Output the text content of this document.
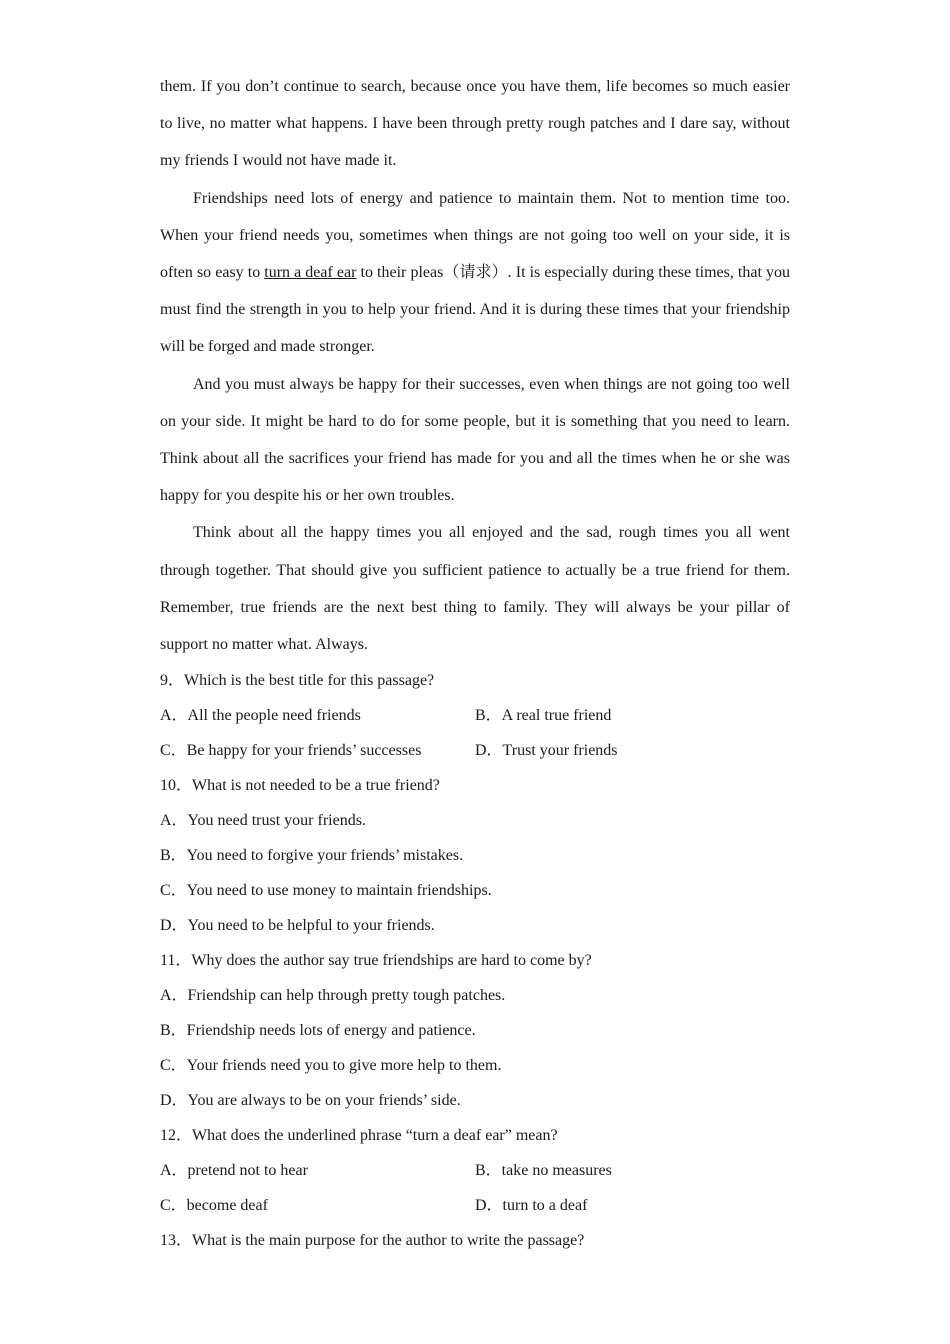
them. If you don’t continue to search, because once you have them, life becomes so much easier to live, no matter what happens. I have been through pretty rough patches and I dare say, without my friends I would not have made it.

Friendships need lots of energy and patience to maintain them. Not to mention time too. When your friend needs you, sometimes when things are not going too well on your side, it is often so easy to turn a deaf ear to their pleas（请求）. It is especially during these times, that you must find the strength in you to help your friend. And it is during these times that your friendship will be forged and made stronger.

And you must always be happy for their successes, even when things are not going too well on your side. It might be hard to do for some people, but it is something that you need to learn. Think about all the sacrifices your friend has made for you and all the times when he or she was happy for you despite his or her own troubles.

Think about all the happy times you all enjoyed and the sad, rough times you all went through together. That should give you sufficient patience to actually be a true friend for them. Remember, true friends are the next best thing to family. They will always be your pillar of support no matter what. Always.

9．Which is the best title for this passage?
A．All the people need friends	B．A real true friend
C．Be happy for your friends’ successes	D．Trust your friends
10．What is not needed to be a true friend?
A．You need trust your friends.
B．You need to forgive your friends’ mistakes.
C．You need to use money to maintain friendships.
D．You need to be helpful to your friends.
11．Why does the author say true friendships are hard to come by?
A．Friendship can help through pretty tough patches.
B．Friendship needs lots of energy and patience.
C．Your friends need you to give more help to them.
D．You are always to be on your friends’ side.
12．What does the underlined phrase “turn a deaf ear” mean?
A．pretend not to hear	B．take no measures
C．become deaf	D．turn to a deaf
13．What is the main purpose for the author to write the passage?
